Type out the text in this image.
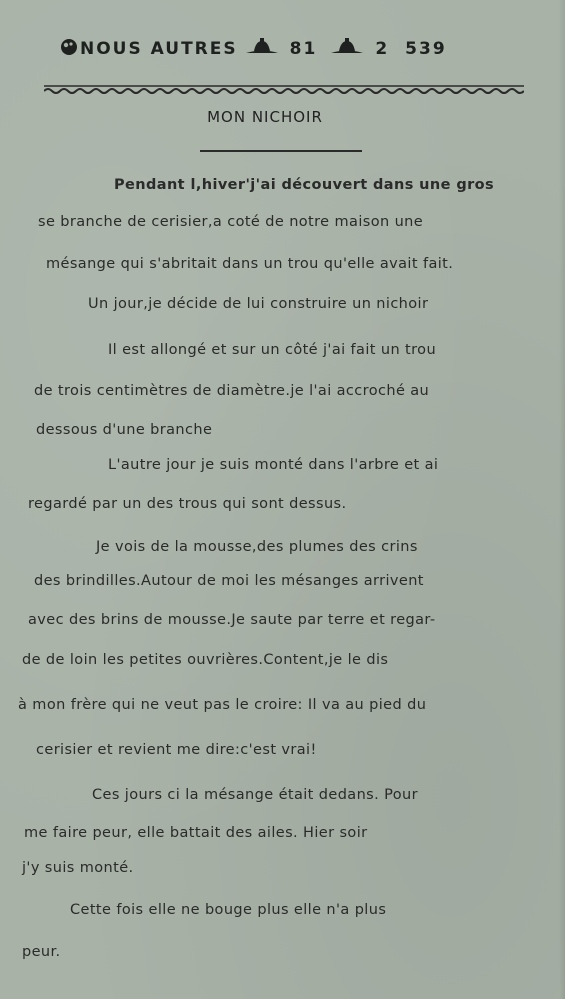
NOUS AUTRES	81	2 539
MON NICHOIR
Pendant l,hiver'j'ai découvert dans une gros
se branche de cerisier,a coté de notre maison une
mésange qui s'abritait dans un trou qu'elle avait fait.
Un jour,je décide de lui construire un nichoir
Il est allongé et sur un côté j'ai fait un trou
de trois centimètres de diamètre.je l'ai accroché au
dessous d'une branche
L'autre jour je suis monté dans l'arbre et ai
regardé par un des trous qui sont dessus.
Je vois de la mousse,des plumes des crins
des brindilles.Autour de moi les mésanges arrivent
avec des brins de mousse.Je saute par terre et regar-
de de loin les petites ouvrières.Content,je le dis
à mon frère qui ne veut pas le croire: Il va au pied du
cerisier et revient me dire:c'est vrai!
Ces jours ci la mésange était dedans. Pour
me faire peur, elle battait des ailes. Hier soir
j'y suis monté.
Cette fois elle ne bouge plus elle n'a plus
peur.
